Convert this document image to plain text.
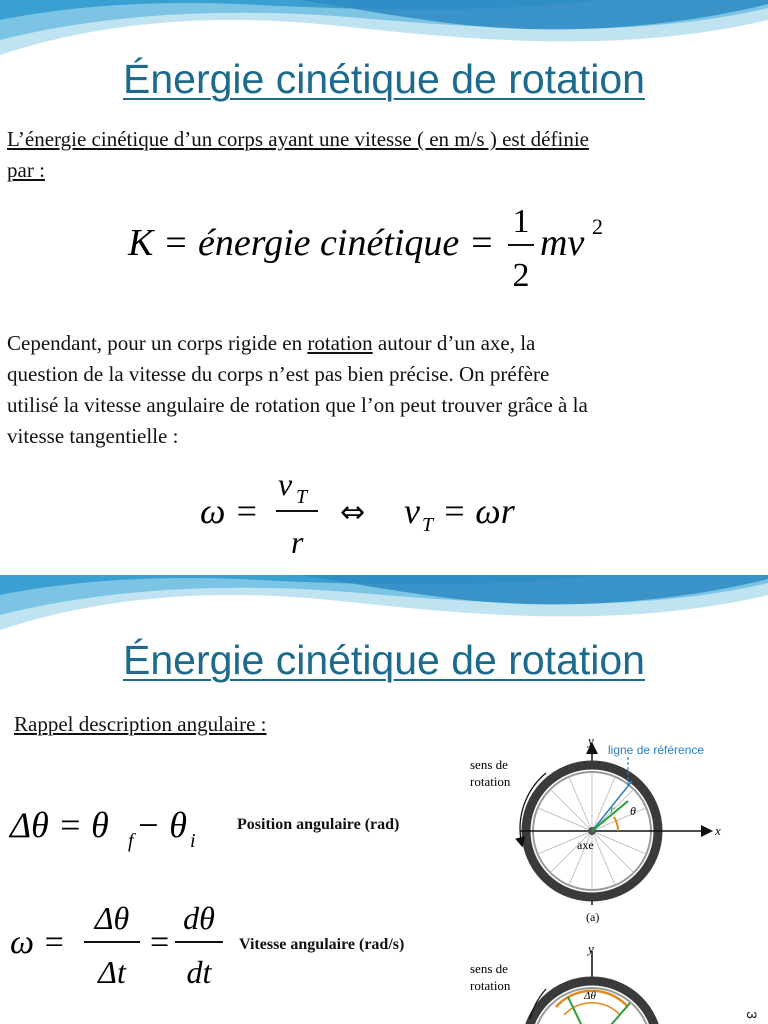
Énergie cinétique de rotation

L’énergie cinétique d’un corps ayant une vitesse ( en m/s ) est définie

par :

K = énergie cinétique =
1
2
mv 2

Cependant, pour un corps rigide en rotation autour d’un axe, la

question de la vitesse du corps n’est pas bien précise. On préfère

utilisé la vitesse angulaire de rotation que l’on peut trouver grâce à la

vitesse tangentielle :

ω =
v T
r
⇔ v T = ωr
Énergie cinétique de rotation

Rappel description angulaire :

Δθ = θ f − θ i
Position angulaire (rad)
ω =
Δθ
Δt
=
dθ
dt
Vitesse angulaire (rad/s)
y
x
axe
ligne de référence
r θ
sens de
rotation
(a)
y
Δθ
sens de
rotation
3
